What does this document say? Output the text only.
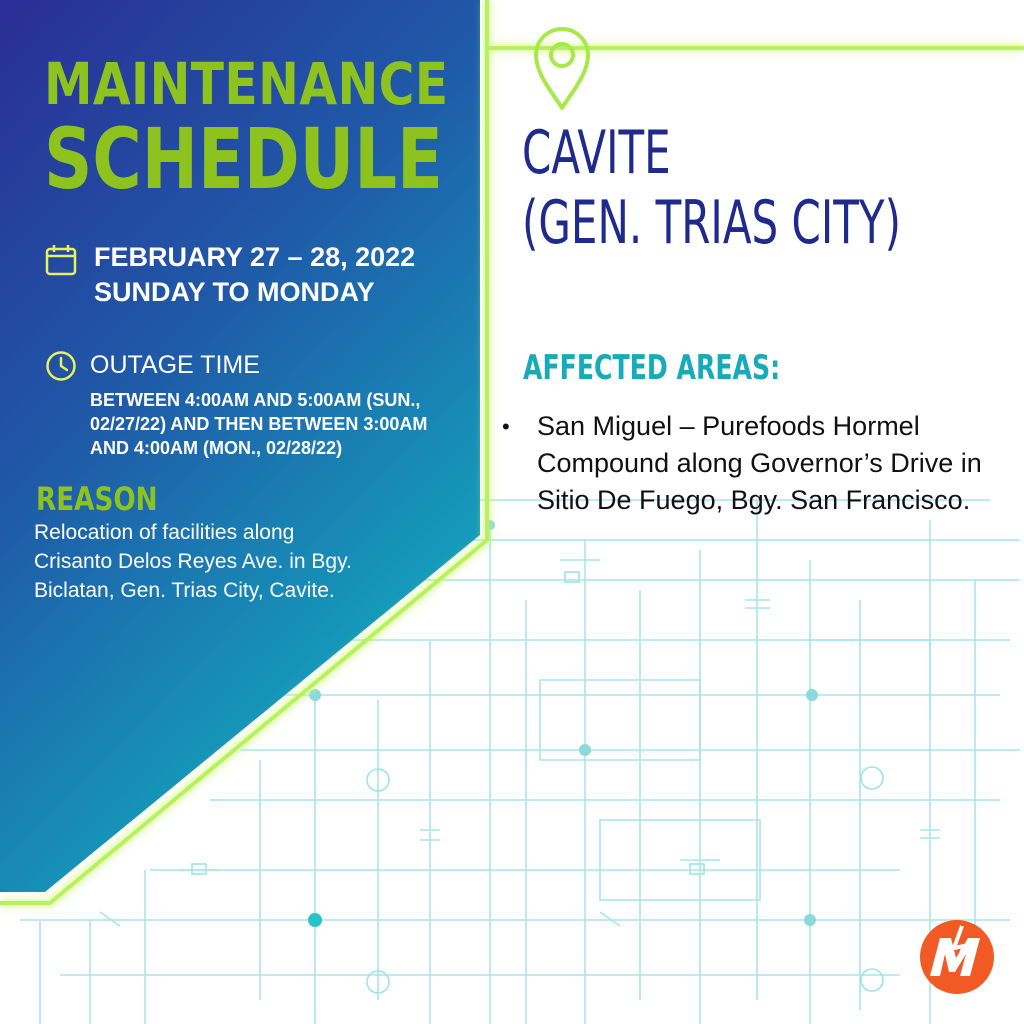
MAINTENANCE
SCHEDULE
FEBRUARY 27 – 28, 2022 SUNDAY TO MONDAY
OUTAGE TIME
BETWEEN 4:00AM AND 5:00AM (SUN., 02/27/22) AND THEN BETWEEN 3:00AM AND 4:00AM (MON., 02/28/22)
REASON
Relocation of facilities along Crisanto Delos Reyes Ave. in Bgy. Biclatan, Gen. Trias City, Cavite.
CAVITE
(GEN. TRIAS CITY)
AFFECTED AREAS:
• San Miguel – Purefoods Hormel Compound along Governor’s Drive in Sitio De Fuego, Bgy. San Francisco.
